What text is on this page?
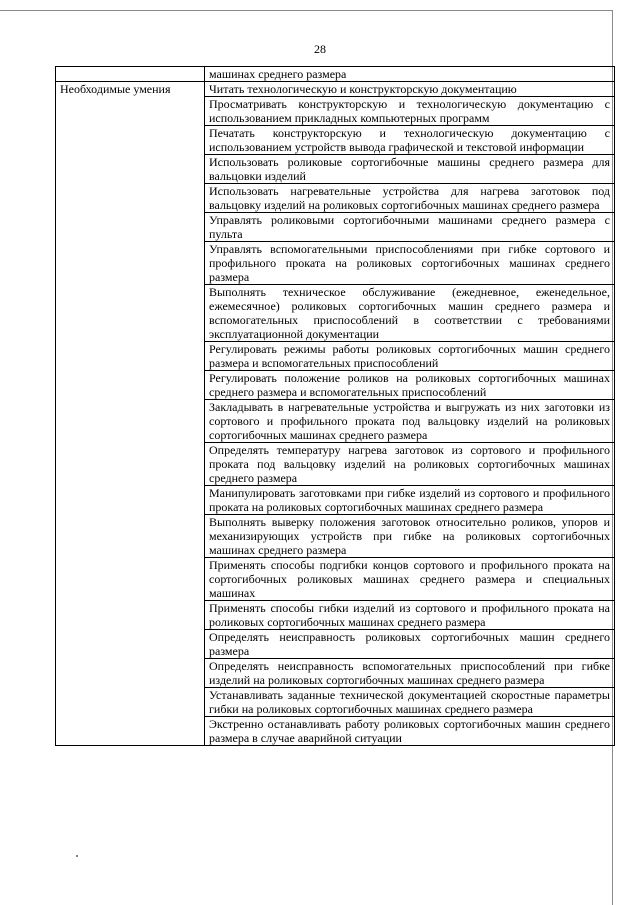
28
	машинах среднего размера
Необходимые умения	Читать технологическую и конструкторскую документацию
	Просматривать конструкторскую и технологическую документацию с использованием прикладных компьютерных программ
	Печатать конструкторскую и технологическую документацию с использованием устройств вывода графической и текстовой информации
	Использовать роликовые сортогибочные машины среднего размера для вальцовки изделий
	Использовать нагревательные устройства для нагрева заготовок под вальцовку изделий на роликовых сортогибочных машинах среднего размера
	Управлять роликовыми сортогибочными машинами среднего размера с пульта
	Управлять вспомогательными приспособлениями при гибке сортового и профильного проката на роликовых сортогибочных машинах среднего размера
	Выполнять техническое обслуживание (ежедневное, еженедельное, ежемесячное) роликовых сортогибочных машин среднего размера и вспомогательных приспособлений в соответствии с требованиями эксплуатационной документации
	Регулировать режимы работы роликовых сортогибочных машин среднего размера и вспомогательных приспособлений
	Регулировать положение роликов на роликовых сортогибочных машинах среднего размера и вспомогательных приспособлений
	Закладывать в нагревательные устройства и выгружать из них заготовки из сортового и профильного проката под вальцовку изделий на роликовых сортогибочных машинах среднего размера
	Определять температуру нагрева заготовок из сортового и профильного проката под вальцовку изделий на роликовых сортогибочных машинах среднего размера
	Манипулировать заготовками при гибке изделий из сортового и профильного проката на роликовых сортогибочных машинах среднего размера
	Выполнять выверку положения заготовок относительно роликов, упоров и механизирующих устройств при гибке на роликовых сортогибочных машинах среднего размера
	Применять способы подгибки концов сортового и профильного проката на сортогибочных роликовых машинах среднего размера и специальных машинах
	Применять способы гибки изделий из сортового и профильного проката на роликовых сортогибочных машинах среднего размера
	Определять неисправность роликовых сортогибочных машин среднего размера
	Определять неисправность вспомогательных приспособлений при гибке изделий на роликовых сортогибочных машинах среднего размера
	Устанавливать заданные технической документацией скоростные параметры гибки на роликовых сортогибочных машинах среднего размера
	Экстренно останавливать работу роликовых сортогибочных машин среднего размера в случае аварийной ситуации
